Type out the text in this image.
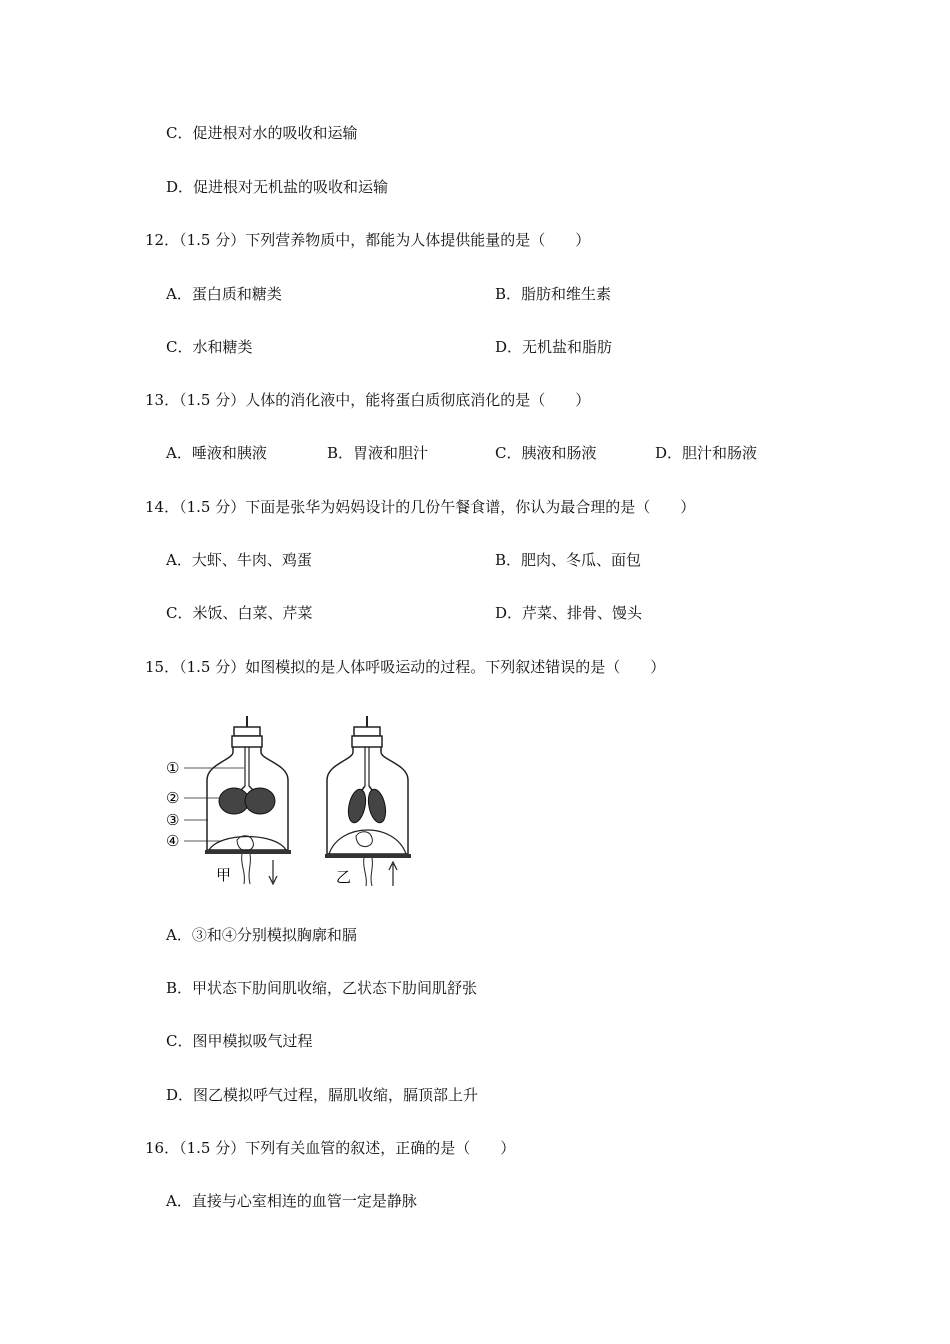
C．促进根对水的吸收和运输
D．促进根对无机盐的吸收和运输
12．（1.5 分）下列营养物质中，都能为人体提供能量的是（　　）
A．蛋白质和糖类	B．脂肪和维生素
C．水和糖类	D．无机盐和脂肪
13．（1.5 分）人体的消化液中，能将蛋白质彻底消化的是（　　）
A．唾液和胰液	B．胃液和胆汁	C．胰液和肠液	D．胆汁和肠液
14．（1.5 分）下面是张华为妈妈设计的几份午餐食谱，你认为最合理的是（　　）
A．大虾、牛肉、鸡蛋	B．肥肉、冬瓜、面包
C．米饭、白菜、芹菜	D．芹菜、排骨、馒头
15．（1.5 分）如图模拟的是人体呼吸运动的过程。下列叙述错误的是（　　）
①
②
③
④
甲	乙
A．③和④分别模拟胸廓和膈
B．甲状态下肋间肌收缩，乙状态下肋间肌舒张
C．图甲模拟吸气过程
D．图乙模拟呼气过程，膈肌收缩，膈顶部上升
16．（1.5 分）下列有关血管的叙述，正确的是（　　）
A．直接与心室相连的血管一定是静脉
